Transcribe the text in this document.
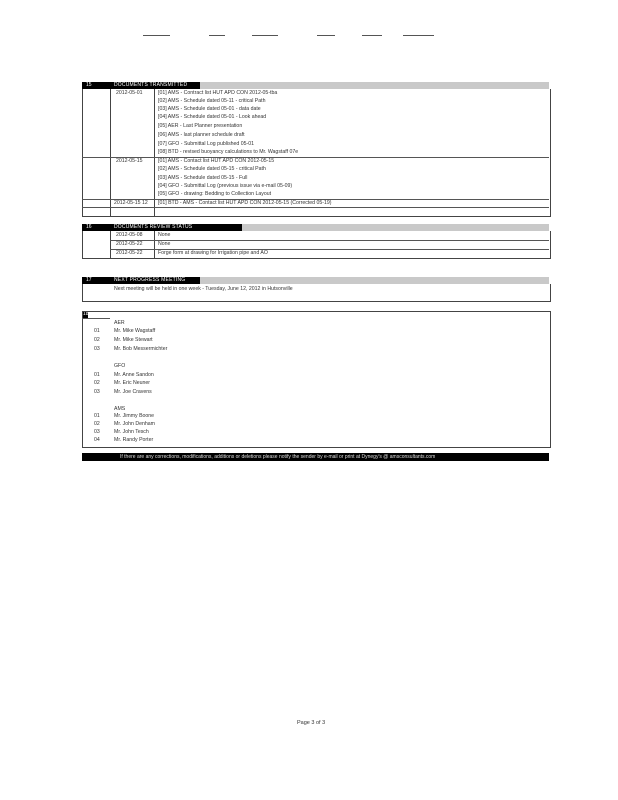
15	DOCUMENTS TRANSMITTED
2012-05-01	[01] AMS - Contract list HUT APD CON 2012-05-tba
[02] AMS - Schedule dated 05-11 - critical Path
[03] AMS - Schedule dated 05-01 - data date
[04] AMS - Schedule dated 05-01 - Look ahead
[05] AER - Last Planner presentation
[06] AMS - last planner schedule draft
[07] GFO - Submittal Log published 05-01
[08] BTD - revised buoyancy calculations to Mr. Wagstaff 07e
2012-05-15	[01] AMS - Contact list HUT APD CON 2012-05-15
[02] AMS - Schedule dated 05-15 - critical Path
[03] AMS - Schedule dated 05-15 - Full
[04] GFO - Submittal Log (previous issue via e-mail 05-09)
[05] GFO - drawing: Bedding to Collection Layout
2012-05-15 12 [01] BTD - AMS - Contact list HUT APD CON 2012-05-15 (Corrected 05-19)
16	DOCUMENTS REVIEW STATUS
2012-05-08	None
2012-05-22	None
2012-05-22	Forge form at drawing for Irrigation pipe and AO
17	NEXT PROGRESS MEETING
Next meeting will be held in one week - Tuesday, June 12, 2012 in Hutsonville
18
AER
01	Mr. Mike Wagstaff
02	Mr. Mike Stewart
03	Mr. Bob Messermichter
GFO
01	Mr. Anne Sandon
02	Mr. Eric Neuner
03	Mr. Joe Cravens
AMS
01	Mr. Jimmy Boone
02	Mr. John Denham
03	Mr. John Tesch
04	Mr. Randy Porter
If there are any corrections, modifications, additions or deletions please notify the sender by e-mail or print at Dynegy's @ amsconsultants.com
Page 3 of 3
